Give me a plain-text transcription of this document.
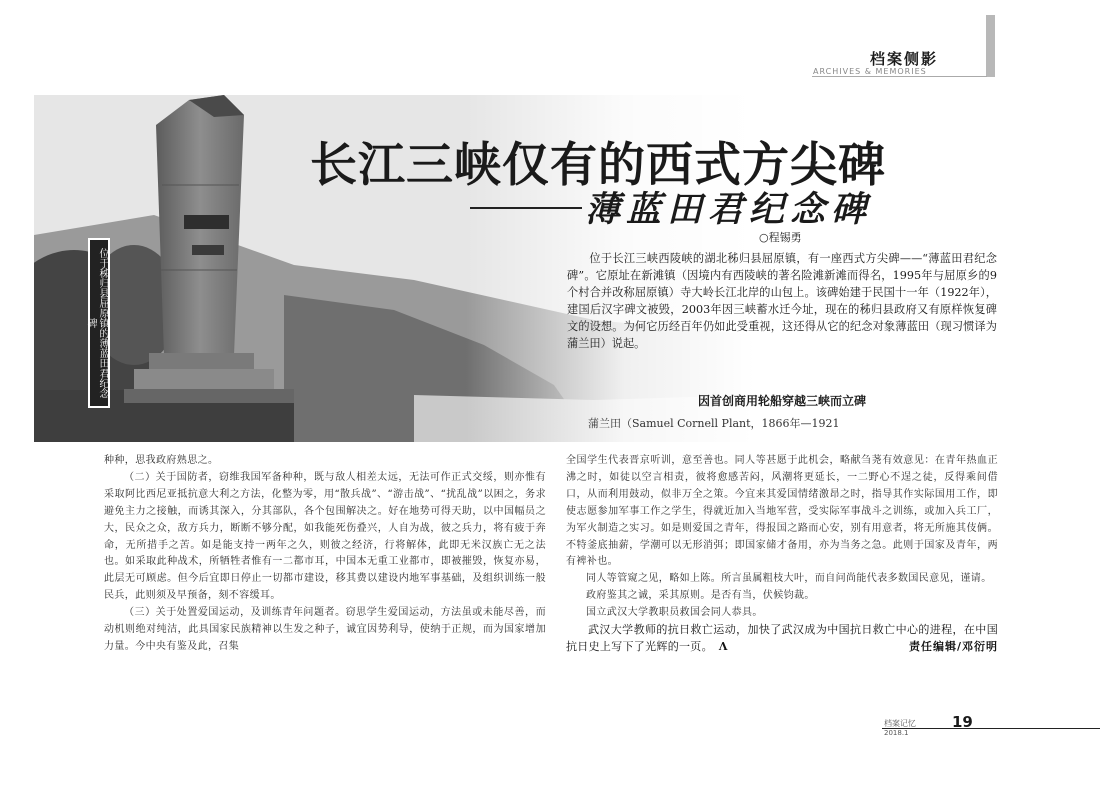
档案侧影
ARCHIVES & MEMORIES
位于秭归县屈原镇的薄蓝田君纪念碑
长江三峡仅有的西式方尖碑
薄蓝田君纪念碑
○程锡勇
位于长江三峡西陵峡的湖北秭归县屈原镇，有一座西式方尖碑——“薄蓝田君纪念碑”。它原址在新滩镇（因境内有西陵峡的著名险滩新滩而得名，1995年与屈原乡的9个村合并改称屈原镇）寺大岭长江北岸的山包上。该碑始建于民国十一年（1922年），建国后汉字碑文被毁，2003年因三峡蓄水迁今址，现在的秭归县政府又有原样恢复碑文的设想。为何它历经百年仍如此受重视，这还得从它的纪念对象薄蓝田（现习惯译为蒲兰田）说起。
因首创商用轮船穿越三峡而立碑
蒲兰田（Samuel Cornell Plant，1866年—1921

种种，思我政府熟思之。

（二）关于国防者，窃维我国军备种种，既与敌人相差太远，无法可作正式交绥，则亦惟有采取阿比西尼亚抵抗意大利之方法，化整为零，用“散兵战”、“游击战”、“扰乱战”以困之，务求避免主力之接触，而诱其深入，分其部队，各个包围解决之。好在地势可得天助，以中国幅员之大，民众之众，敌方兵力，断断不够分配，如我能死伤叠兴，人自为战，彼之兵力，将有疲于奔命，无所措手之苦。如是能支持一两年之久，则彼之经济，行将解体，此即无米汉族亡无之法也。如采取此种战术，所牺牲者惟有一二都市耳，中国本无重工业都市，即被摧毁，恢复亦易，此层无可顾虑。但今后宜即日停止一切都市建设，移其费以建设内地军事基础，及组织训练一般民兵，此则须及早预备，刻不容缓耳。

（三）关于处置爱国运动，及训练青年问题者。窃思学生爱国运动，方法虽或未能尽善，而动机则绝对纯洁，此具国家民族精神以生发之种子，诚宜因势利导，使纳于正规，而为国家增加力量。今中央有鉴及此，召集

全国学生代表晋京听训，意至善也。同人等甚愿于此机会，略献刍荛有效意见：在青年热血正沸之时，如徒以空言相责，彼将愈感苦闷，风潮将更延长，一二野心不逞之徒，反得乘间借口，从而利用鼓动，似非万全之策。今宜来其爱国情绪激昂之时，指导其作实际国用工作，即使志愿参加军事工作之学生，得就近加入当地军营，受实际军事战斗之训练，或加入兵工厂，为军火制造之实习。如是则爱国之青年，得报国之路而心安，别有用意者，将无所施其伎俩。不特釜底抽薪，学潮可以无形消弭；即国家储才备用，亦为当务之急。此则于国家及青年，两有裨补也。

同人等管窥之见，略如上陈。所言虽属粗枝大叶，而自问尚能代表多数国民意见，谨请。

政府鉴其之诚，采其原则。是否有当，伏候钧裁。

国立武汉大学教职员救国会同人恭具。

武汉大学教师的抗日救亡运动，加快了武汉成为中国抗日救亡中心的进程，在中国抗日史上写下了光辉的一页。 Λ	责任编辑/邓衍明

档案记忆
2018.1
19
